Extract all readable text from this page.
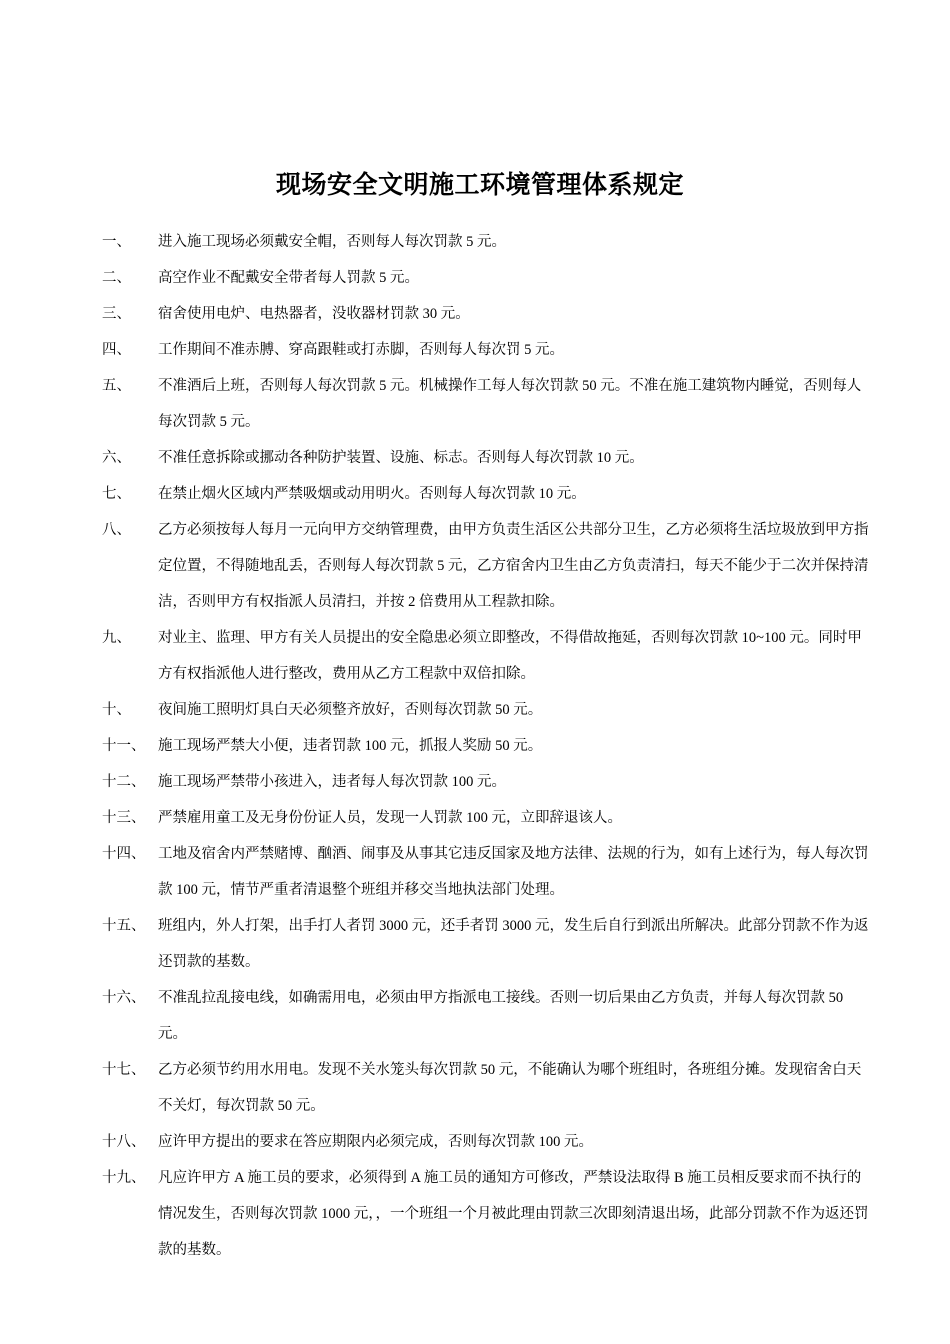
现场安全文明施工环境管理体系规定
一、 进入施工现场必须戴安全帽，否则每人每次罚款 5 元。
二、 高空作业不配戴安全带者每人罚款 5 元。
三、 宿舍使用电炉、电热器者，没收器材罚款 30 元。
四、 工作期间不准赤膊、穿高跟鞋或打赤脚，否则每人每次罚 5 元。
五、 不准酒后上班，否则每人每次罚款 5 元。机械操作工每人每次罚款 50 元。不准在施工建筑物内睡觉，否则每人每次罚款 5 元。
六、 不准任意拆除或挪动各种防护装置、设施、标志。否则每人每次罚款 10 元。
七、 在禁止烟火区域内严禁吸烟或动用明火。否则每人每次罚款 10 元。
八、 乙方必须按每人每月一元向甲方交纳管理费，由甲方负责生活区公共部分卫生，乙方必须将生活垃圾放到甲方指定位置，不得随地乱丢，否则每人每次罚款 5 元，乙方宿舍内卫生由乙方负责清扫，每天不能少于二次并保持清洁，否则甲方有权指派人员清扫，并按 2 倍费用从工程款扣除。
九、 对业主、监理、甲方有关人员提出的安全隐患必须立即整改，不得借故拖延，否则每次罚款 10~100 元。同时甲方有权指派他人进行整改，费用从乙方工程款中双倍扣除。
十、 夜间施工照明灯具白天必须整齐放好，否则每次罚款 50 元。
十一、 施工现场严禁大小便，违者罚款 100 元，抓报人奖励 50 元。
十二、 施工现场严禁带小孩进入，违者每人每次罚款 100 元。
十三、 严禁雇用童工及无身份份证人员，发现一人罚款 100 元，立即辞退该人。
十四、 工地及宿舍内严禁赌博、酗酒、闹事及从事其它违反国家及地方法律、法规的行为，如有上述行为，每人每次罚款 100 元，情节严重者清退整个班组并移交当地执法部门处理。
十五、 班组内，外人打架，出手打人者罚 3000 元，还手者罚 3000 元，发生后自行到派出所解决。此部分罚款不作为返还罚款的基数。
十六、 不准乱拉乱接电线，如确需用电，必须由甲方指派电工接线。否则一切后果由乙方负责，并每人每次罚款 50 元。
十七、 乙方必须节约用水用电。发现不关水笼头每次罚款 50 元，不能确认为哪个班组时，各班组分摊。发现宿舍白天不关灯，每次罚款 50 元。
十八、 应许甲方提出的要求在答应期限内必须完成，否则每次罚款 100 元。
十九、 凡应许甲方 A 施工员的要求，必须得到 A 施工员的通知方可修改，严禁设法取得 B 施工员相反要求而不执行的情况发生，否则每次罚款 1000 元，，一个班组一个月被此理由罚款三次即刻清退出场，此部分罚款不作为返还罚款的基数。
